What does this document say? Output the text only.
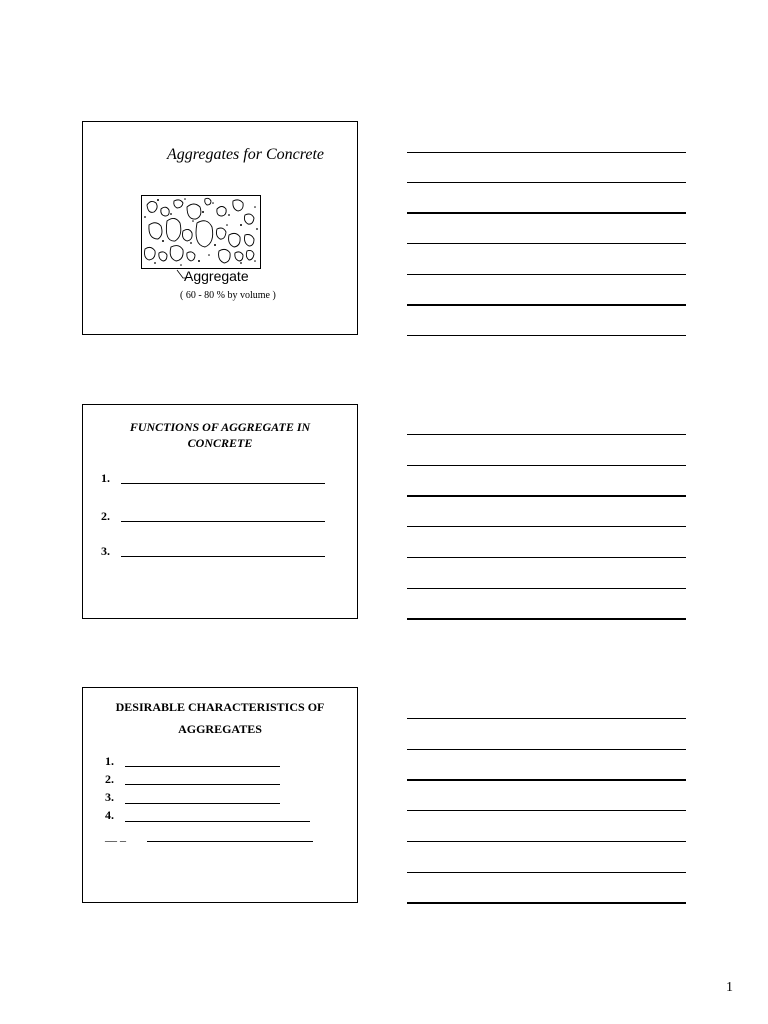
Aggregates for Concrete
Aggregate
( 60 - 80 % by volume )
FUNCTIONS OF AGGREGATE IN CONCRETE
1.
2.
3.
DESIRABLE CHARACTERISTICS OF AGGREGATES
1.
2.
3.
4.
__ _
1
